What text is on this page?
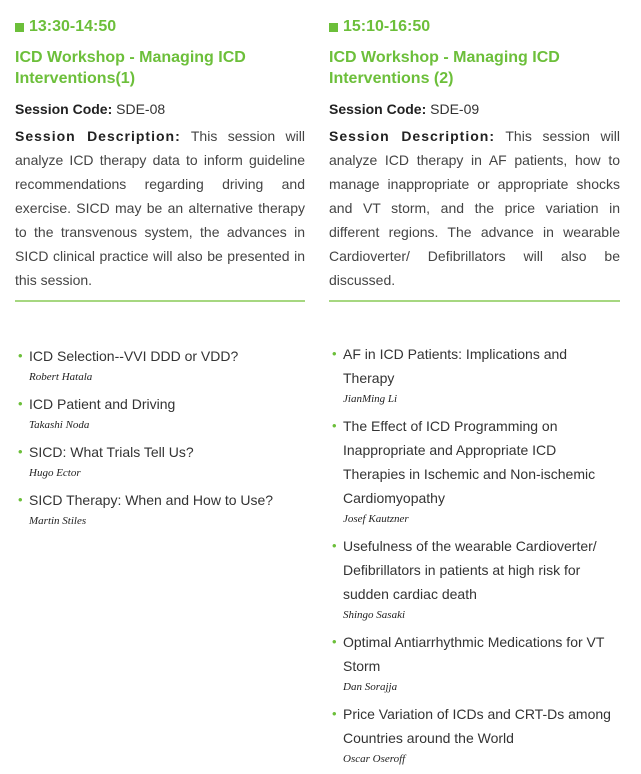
13:30-14:50
ICD Workshop - Managing ICD Interventions(1)
Session Code: SDE-08
Session Description: This session will analyze ICD therapy data to inform guideline recommendations regarding driving and exercise. SICD may be an alternative therapy to the transvenous system, the advances in SICD clinical practice will also be presented in this session.
• ICD Selection--VVI DDD or VDD?
Robert Hatala
• ICD Patient and Driving
Takashi Noda
• SICD: What Trials Tell Us?
Hugo Ector
• SICD Therapy: When and How to Use?
Martin Stiles
15:10-16:50
ICD Workshop - Managing ICD Interventions (2)
Session Code: SDE-09
Session Description: This session will analyze ICD therapy in AF patients, how to manage inappropriate or appropriate shocks and VT storm, and the price variation in different regions. The advance in wearable Cardioverter/ Defibrillators will also be discussed.
• AF in ICD Patients: Implications and Therapy
JianMing Li
• The Effect of ICD Programming on Inappropriate and Appropriate ICD Therapies in Ischemic and Non-ischemic Cardiomyopathy
Josef Kautzner
• Usefulness of the wearable Cardioverter/ Defibrillators in patients at high risk for sudden cardiac death
Shingo Sasaki
• Optimal Antiarrhythmic Medications for VT Storm
Dan Sorajja
• Price Variation of ICDs and CRT-Ds among Countries around the World
Oscar Oseroff
